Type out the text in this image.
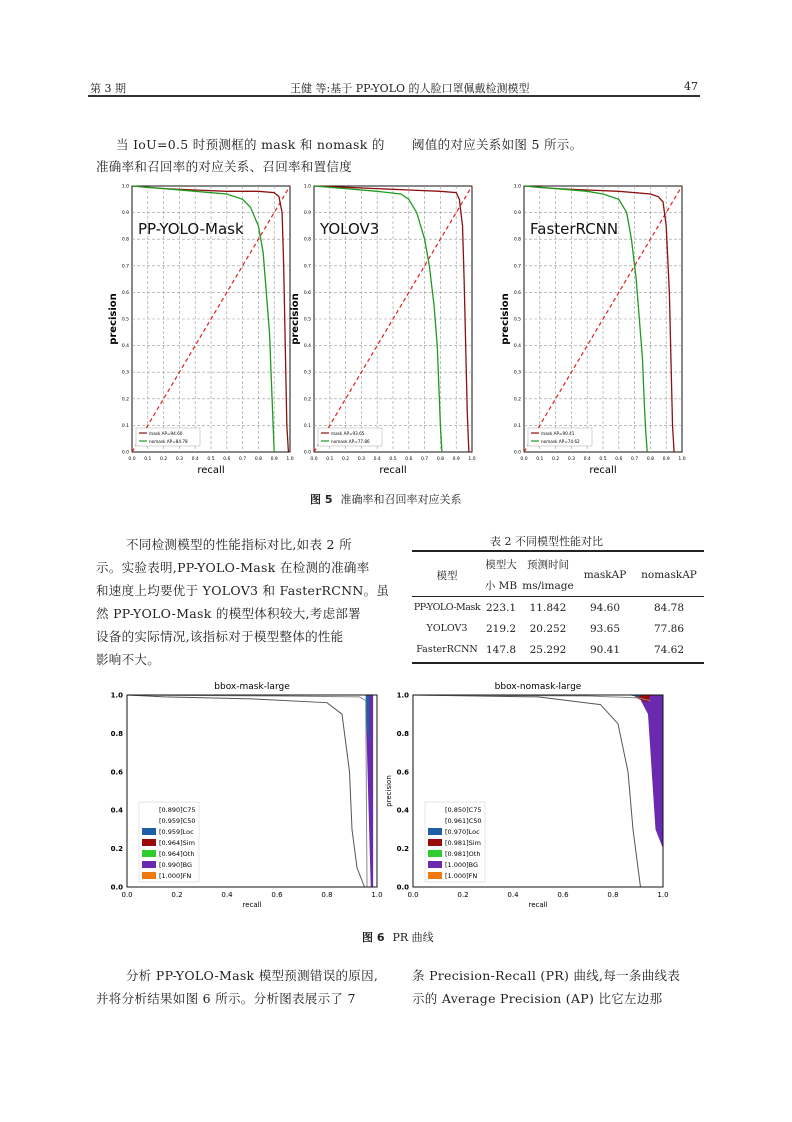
第 3 期	王健 等:基于 PP-YOLO 的人脸口罩佩戴检测模型	47
当 IoU=0.5 时预测框的 mask 和 nomask 的
准确率和召回率的对应关系、召回率和置信度
阈值的对应关系如图 5 所示。
0.0
0.0
0.1
0.1
0.2
0.2
0.3
0.3
0.4
0.4
0.5
0.5
0.6
0.6
0.7
0.7
0.8
0.8
0.9
0.9
1.0
1.0
PP-YOLO-Mask
recall
precision
mask AP=94.60
nomask AP=84.78
0.0
0.0
0.1
0.1
0.2
0.2
0.3
0.3
0.4
0.4
0.5
0.5
0.6
0.6
0.7
0.7
0.8
0.8
0.9
0.9
1.0
1.0
YOLOV3
recall
precision
mask AP=93.65
nomask AP=77.86
0.0
0.0
0.1
0.1
0.2
0.2
0.3
0.3
0.4
0.4
0.5
0.5
0.6
0.6
0.7
0.7
0.8
0.8
0.9
0.9
1.0
1.0
FasterRCNN
recall
precision
mask AP=90.41
nomask AP=74.62
图 5 准确率和召回率对应关系
不同检测模型的性能指标对比,如表 2 所
示。实验表明,PP-YOLO-Mask 在检测的准确率
和速度上均要优于 YOLOV3 和 FasterRCNN。虽
然 PP-YOLO-Mask 的模型体积较大,考虑部署
设备的实际情况,该指标对于模型整体的性能
影响不大。
表 2 不同模型性能对比
模型	模型大	预测时间	maskAP	nomaskAP
	小 MB	ms/image		
PP-YOLO-Mask	223.1	11.842	94.60	84.78
YOLOV3	219.2	20.252	93.65	77.86
FasterRCNN	147.8	25.292	90.41	74.62
bbox-mask-large
0.0
0.0
0.2
0.2
0.4
0.4
0.6
0.6
0.8
0.8
1.0
1.0
recall
[0.890]C75
[0.959]C50
[0.959]Loc
[0.964]Sim
[0.964]Oth
[0.990]BG
[1.000]FN
bbox-nomask-large
0.0
0.0
0.2
0.2
0.4
0.4
0.6
0.6
0.8
0.8
1.0
1.0
recall
precision
[0.850]C75
[0.961]C50
[0.970]Loc
[0.981]Sim
[0.981]Oth
[1.000]BG
[1.000]FN
图 6 PR 曲线
分析 PP-YOLO-Mask 模型预测错误的原因,
并将分析结果如图 6 所示。分析图表展示了 7
条 Precision-Recall (PR) 曲线,每一条曲线表
示的 Average Precision (AP) 比它左边那
